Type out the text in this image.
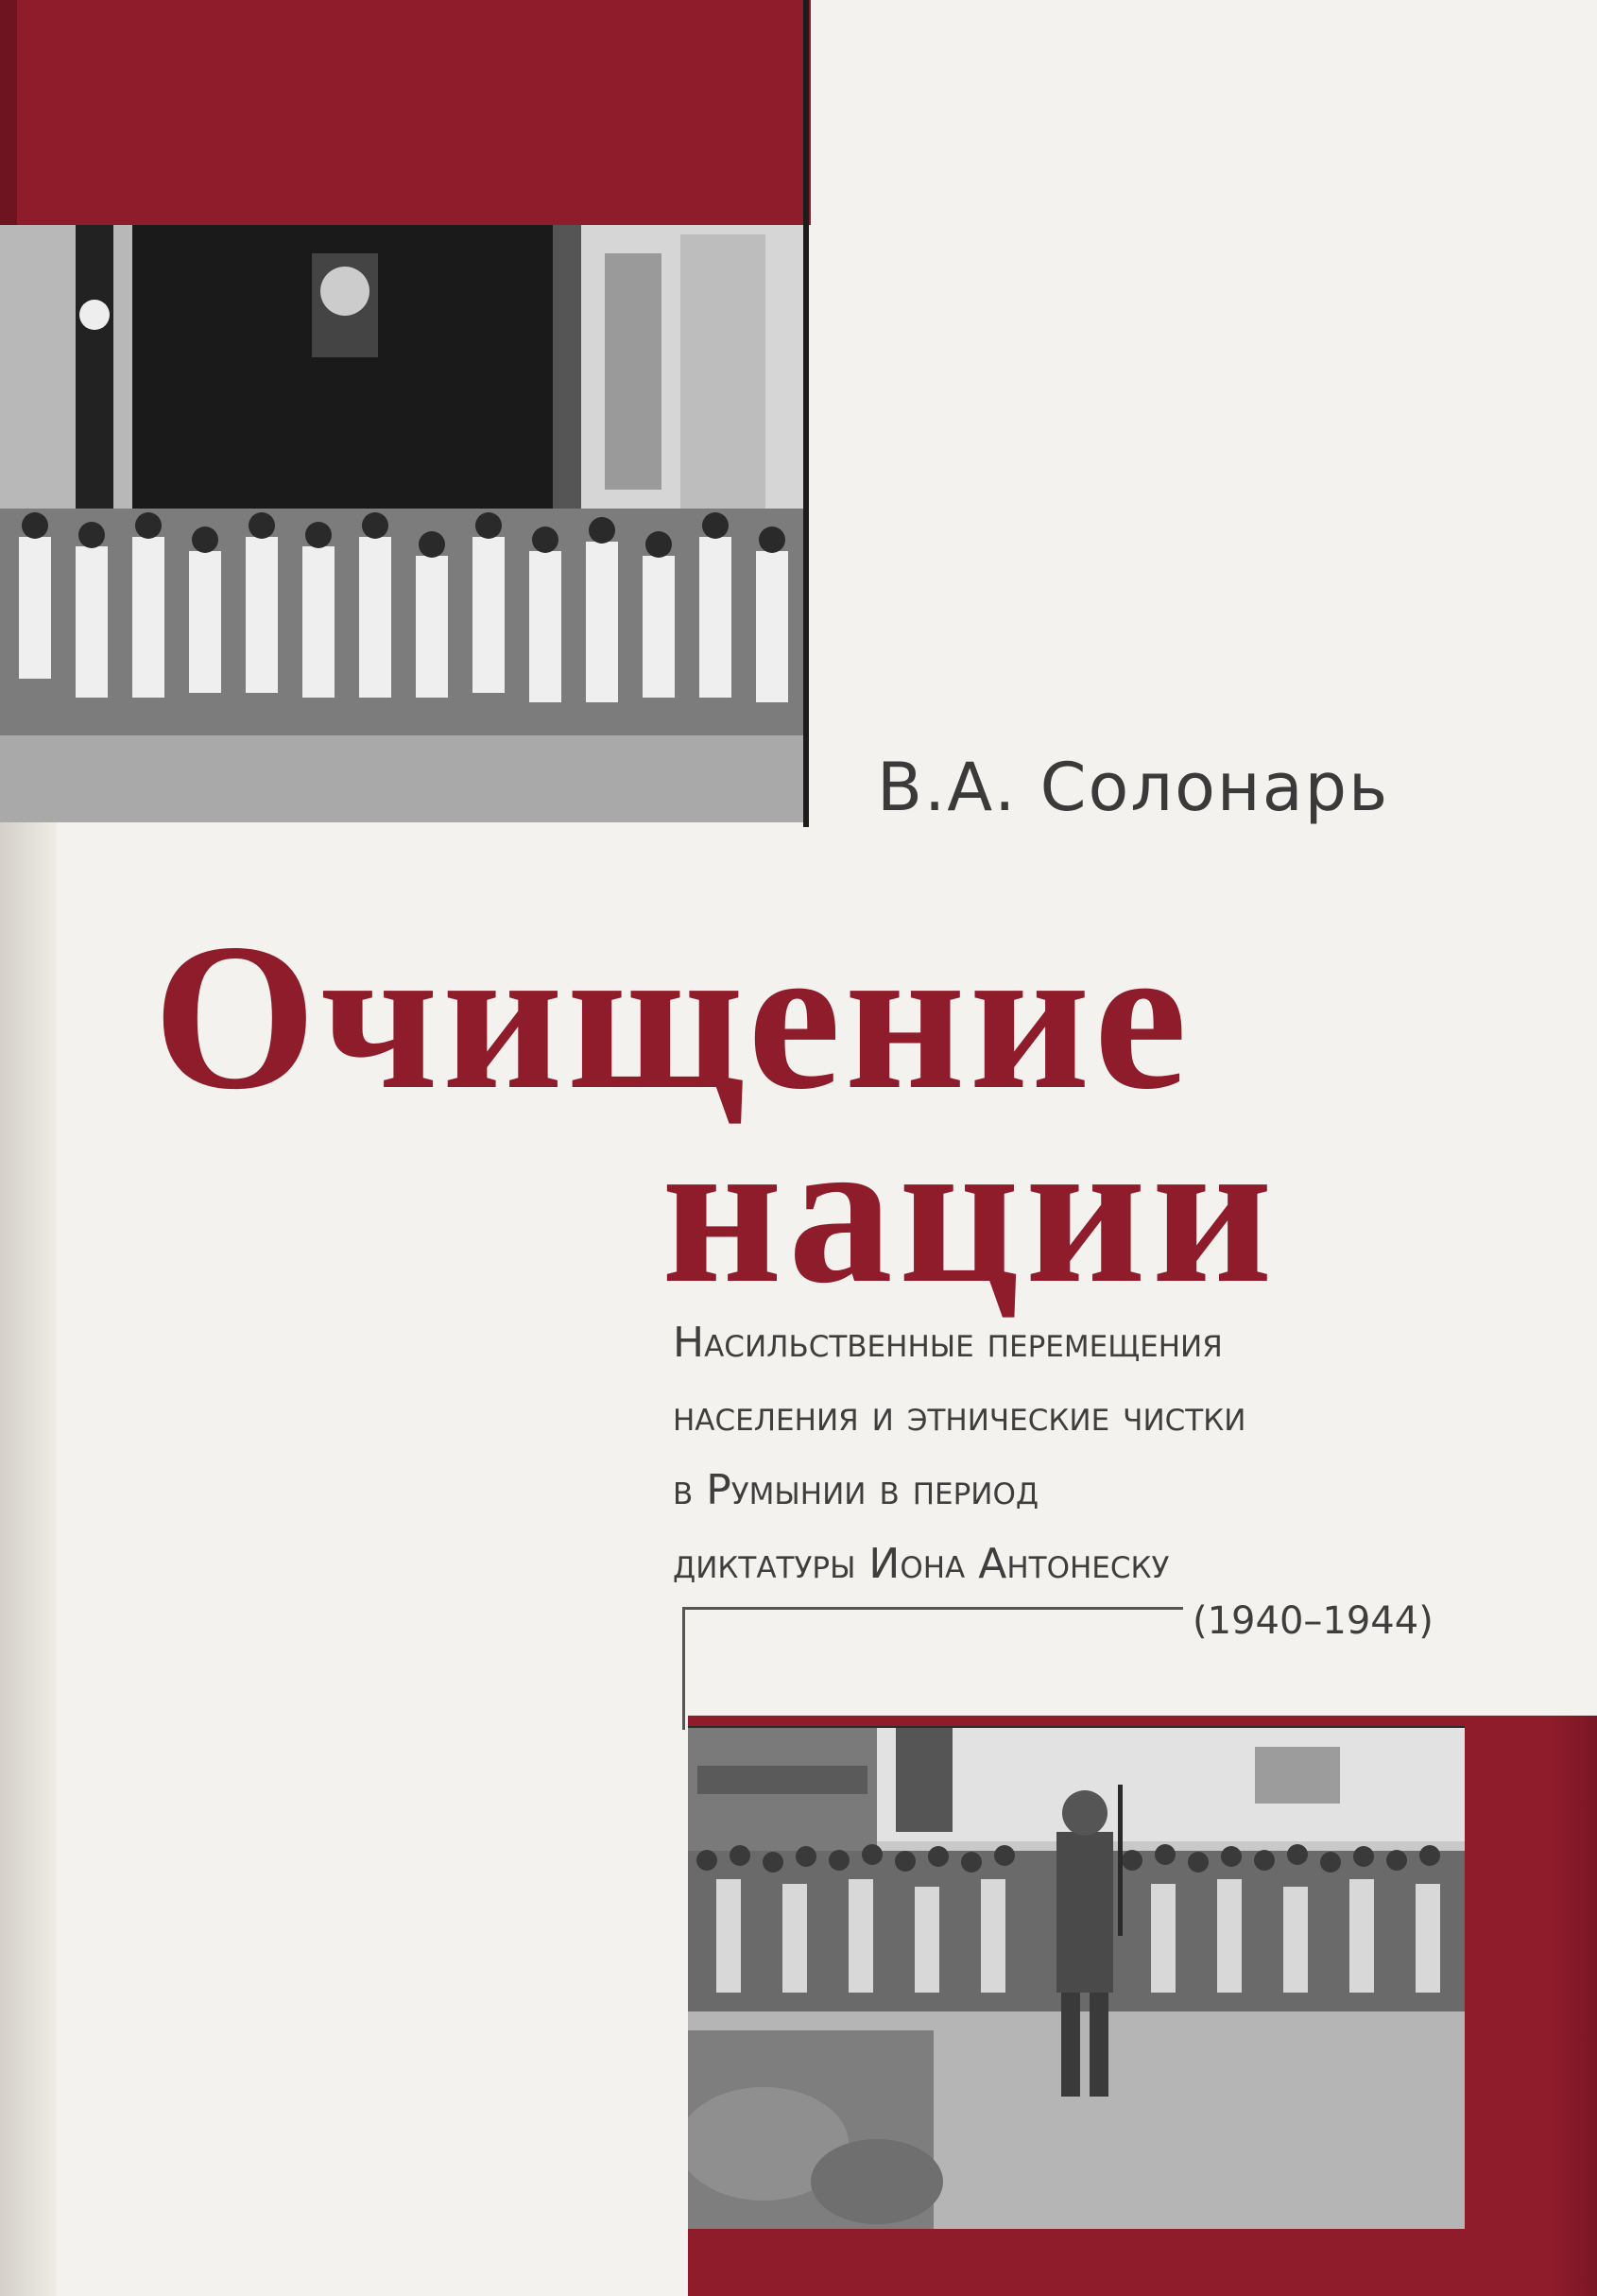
В.А. Солонарь
Очищение
нации
Насильственные перемещения
населения и этнические чистки
в Румынии в период
диктатуры Иона Антонеску
(1940–1944)
